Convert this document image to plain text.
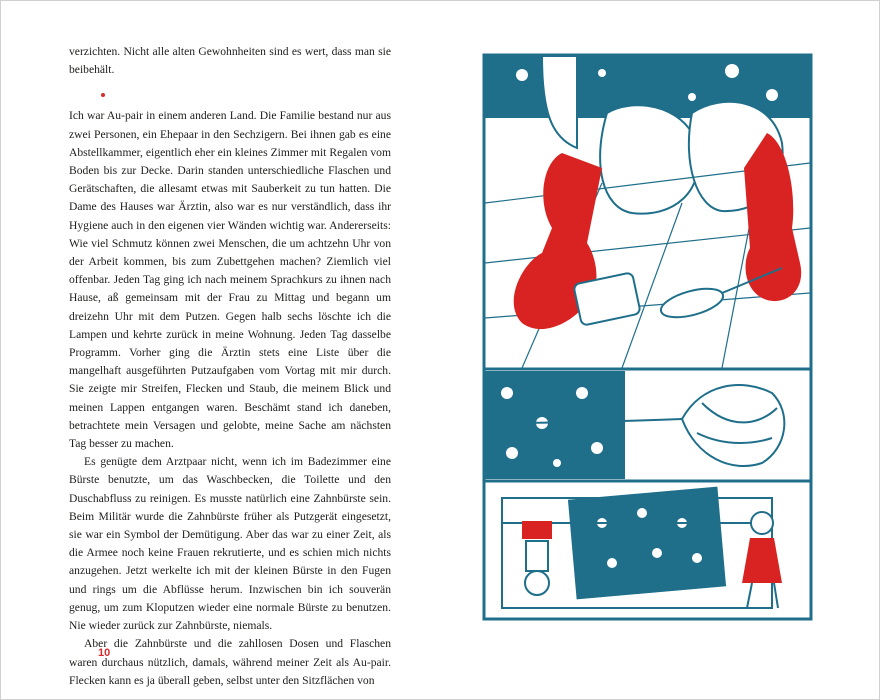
verzichten. Nicht alle alten Gewohnheiten sind es wert, dass man sie beibehält.

Ich war Au-pair in einem anderen Land. Die Familie bestand nur aus zwei Personen, ein Ehepaar in den Sechzigern. Bei ihnen gab es eine Abstellkammer, eigentlich eher ein kleines Zimmer mit Regalen vom Boden bis zur Decke. Darin standen unterschiedliche Flaschen und Gerätschaften, die allesamt etwas mit Sauberkeit zu tun hatten. Die Dame des Hauses war Ärztin, also war es nur verständlich, dass ihr Hygiene auch in den eigenen vier Wänden wichtig war. Andererseits: Wie viel Schmutz können zwei Menschen, die um achtzehn Uhr von der Arbeit kommen, bis zum Zubettgehen machen? Ziemlich viel offenbar. Jeden Tag ging ich nach meinem Sprachkurs zu ihnen nach Hause, aß gemeinsam mit der Frau zu Mittag und begann um dreizehn Uhr mit dem Putzen. Gegen halb sechs löschte ich die Lampen und kehrte zurück in meine Wohnung. Jeden Tag dasselbe Programm. Vorher ging die Ärztin stets eine Liste über die mangelhaft ausgeführten Putzaufgaben vom Vortag mit mir durch. Sie zeigte mir Streifen, Flecken und Staub, die meinem Blick und meinen Lappen entgangen waren. Beschämt stand ich daneben, betrachtete mein Versagen und gelobte, meine Sache am nächsten Tag besser zu machen.

Es genügte dem Arztpaar nicht, wenn ich im Badezimmer eine Bürste benutzte, um das Waschbecken, die Toilette und den Duschabfluss zu reinigen. Es musste natürlich eine Zahnbürste sein. Beim Militär wurde die Zahnbürste früher als Putzgerät eingesetzt, sie war ein Symbol der Demütigung. Aber das war zu einer Zeit, als die Armee noch keine Frauen rekrutierte, und es schien mich nichts anzugehen. Jetzt werkelte ich mit der kleinen Bürste in den Fugen und rings um die Abflüsse herum. Inzwischen bin ich souverän genug, um zum Kloputzen wieder eine normale Bürste zu benutzen. Nie wieder zurück zur Zahnbürste, niemals.

Aber die Zahnbürste und die zahllosen Dosen und Flaschen waren durchaus nützlich, damals, während meiner Zeit als Au-pair. Flecken kann es ja überall geben, selbst unter den Sitzflächen von

10
